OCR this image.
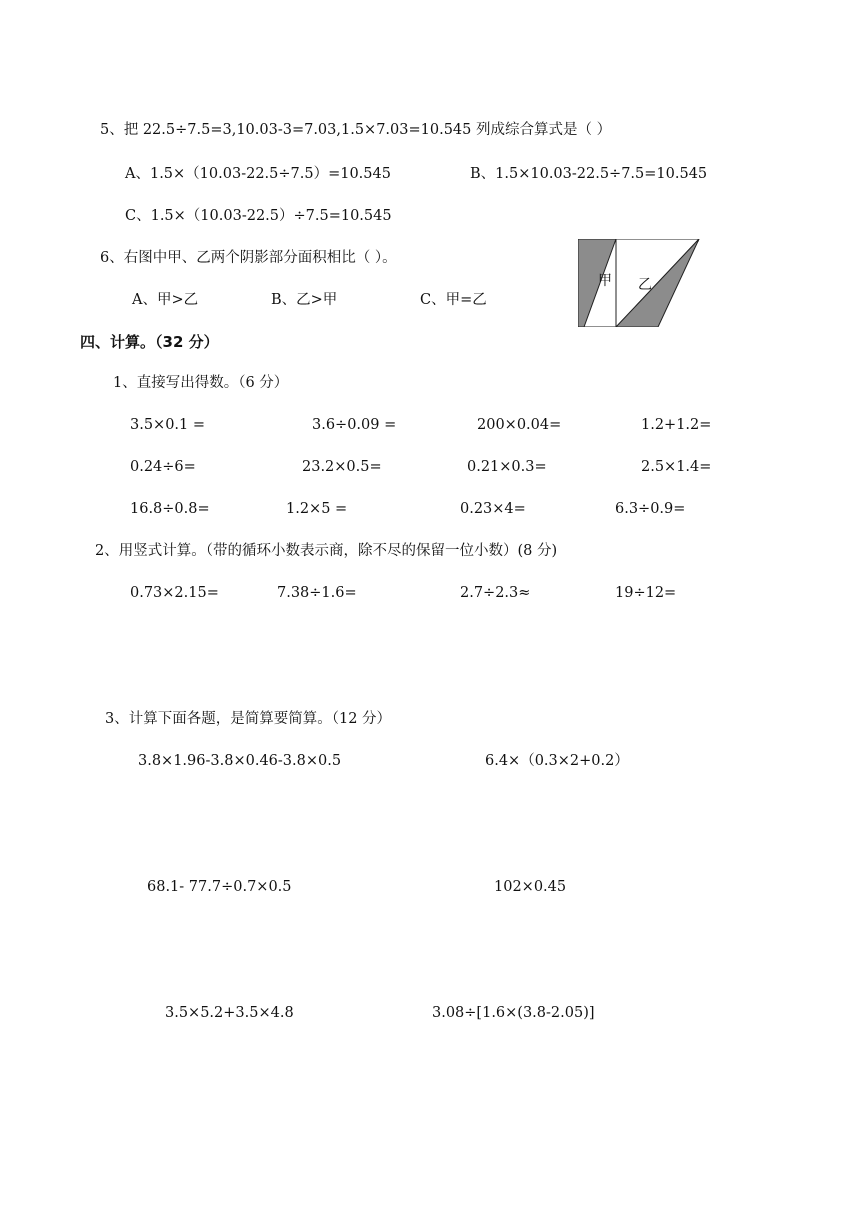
5、把 22.5÷7.5=3,10.03-3=7.03,1.5×7.03=10.545 列成综合算式是（ ）
A、1.5×（10.03-22.5÷7.5）=10.545	B、1.5×10.03-22.5÷7.5=10.545
C、1.5×（10.03-22.5）÷7.5=10.545
6、右图中甲、乙两个阴影部分面积相比（ ）。
A、甲>乙	B、乙>甲	C、甲=乙
甲 乙
四、计算。（32 分）
1、直接写出得数。（6 分）
3.5×0.1 =	3.6÷0.09 =	200×0.04=	1.2+1.2=
0.24÷6=	23.2×0.5=	0.21×0.3=	2.5×1.4=
16.8÷0.8=	1.2×5 =	0.23×4=	6.3÷0.9=
2、用竖式计算。（带的循环小数表示商，除不尽的保留一位小数）(8 分)
0.73×2.15=	7.38÷1.6=	2.7÷2.3≈	19÷12=
3、计算下面各题，是简算要简算。（12 分）
3.8×1.96-3.8×0.46-3.8×0.5	6.4×（0.3×2+0.2）
68.1- 77.7÷0.7×0.5	102×0.45
3.5×5.2+3.5×4.8	3.08÷[1.6×(3.8-2.05)]
